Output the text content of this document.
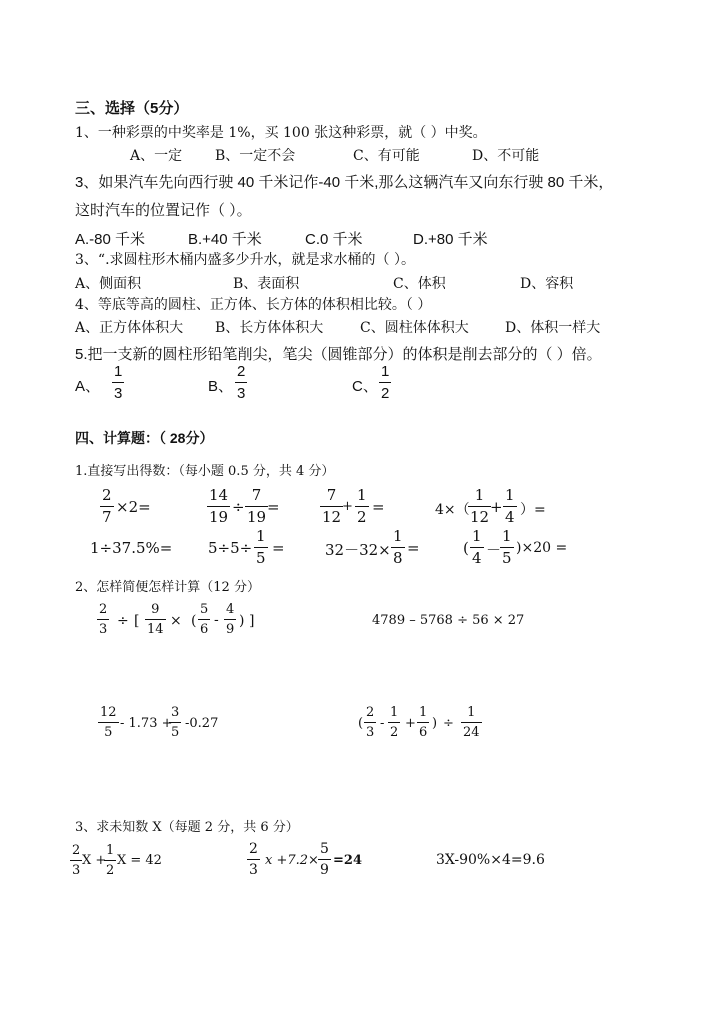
三、选择（5分）
1、一种彩票的中奖率是 1%，买 100 张这种彩票，就（ ）中奖。
A、一定 B、一定不会	C、有可能	D、不可能
3、如果汽车先向西行驶 40 千米记作-40 千米,那么这辆汽车又向东行驶 80 千米，
这时汽车的位置记作（ ）。
A.-80 千米	B.+40 千米	C.0 千米	D.+80 千米
3、“.求圆柱形木桶内盛多少升水，就是求水桶的（ ）。
A、侧面积	B、表面积	C、体积	D、容积
4、等底等高的圆柱、正方体、长方体的体积相比较。（ ）
A、正方体体积大 B、长方体体积大	C、圆柱体体积大	D、体积一样大
5.把一支新的圆柱形铅笔削尖，笔尖（圆锥部分）的体积是削去部分的（ ）倍。
A、
1
3	B、
2
3	C、
1
2
四、计算题：（ 28分）
1.直接写出得数：（每小题 0.5 分，共 4 分）
2
7
×2=
14
19
÷
7
19
=
7
12
+
1
2
=	4×（
1
12
+
1
4 ）=
1÷37.5%= 5÷5÷
1
5
=	32－32×
1
8
=	(
1
4 －
1
5
)×20 =
2、怎样简便怎样计算（12 分）
2
3
÷ [
9
14
× (
5
6
-
4
9
) ]	4789 – 5768 ÷ 56 × 27
12
5
- 1.73 +
3
5
-0.27	(
2
3
-
1
2
+
1
6
) ÷
1
24
3、求未知数 X（每题 2 分，共 6 分）
2
3
X +
1
2
X = 42
2
3
x +7.2×
5
9
=24	3X-90%×4=9.6
